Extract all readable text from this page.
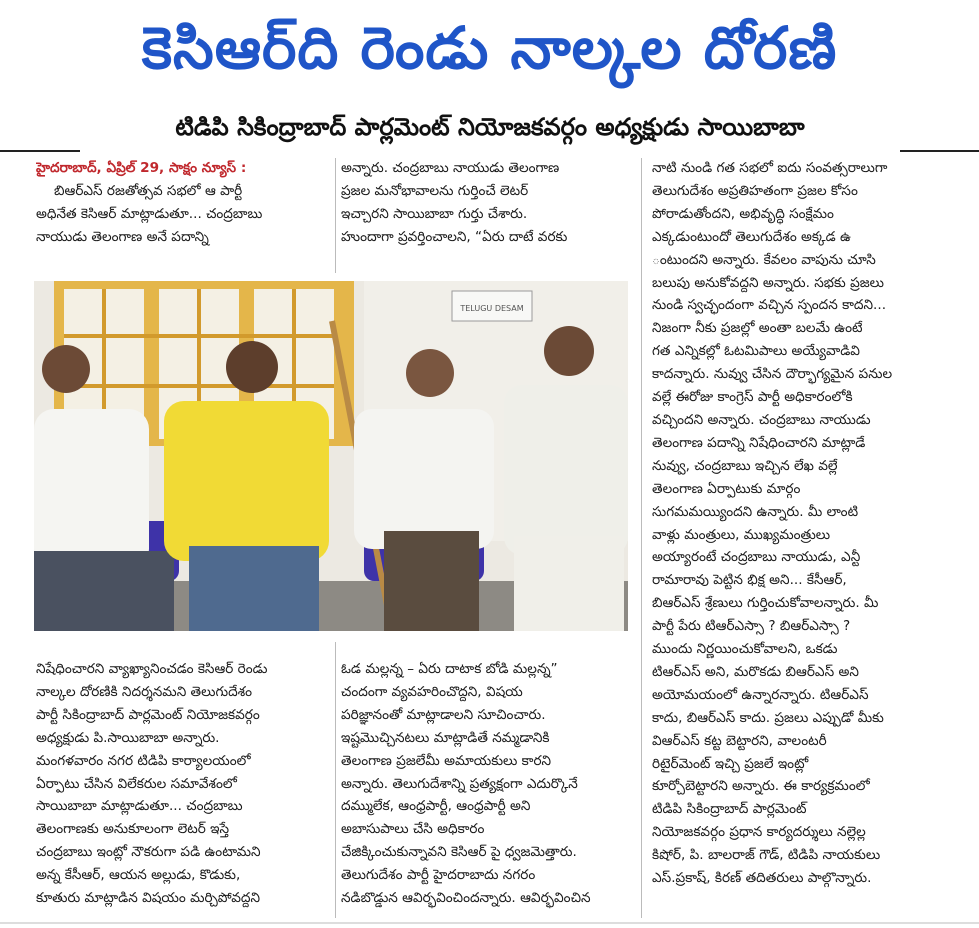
కెసిఆర్‌ది రెండు నాల్కల దోరణి
టిడిపి సికింద్రాబాద్‌ పార్లమెంట్‌ నియోజకవర్గం అధ్యక్షుడు సాయిబాబా

హైదరాబాద్‌, ఏప్రిల్‌ 29, సాక్షం న్యూస్‌ :

బిఆర్‌ఎస్‌ రజతోత్సవ సభలో ఆ పార్టీ

అధినేత కెసిఆర్‌ మాట్లాడుతూ... చంద్రబాబు

నాయుడు తెలంగాణ అనే పదాన్ని

అన్నారు. చంద్రబాబు నాయుడు తెలంగాణ

ప్రజల మనోభావాలను గుర్తించే లెటర్‌

ఇచ్చారని సాయిబాబా గుర్తు చేశారు.

హుందాగా ప్రవర్తించాలని, “ఏరు దాటే వరకు

నాటి నుండి గత సభలో ఐదు సంవత్సరాలుగా

తెలుగుదేశం అప్రతిహతంగా ప్రజల కోసం

పోరాడుతోందని, అభివృద్ధి సంక్షేమం

ఎక్కడుంటుందో తెలుగుదేశం అక్కడ ఉ

ంటుందని అన్నారు. కేవలం వాపును చూసి

బలుపు అనుకోవద్దని అన్నారు. సభకు ప్రజలు

నుండి స్వచ్ఛందంగా వచ్చిన స్పందన కాదని...

నిజంగా నీకు ప్రజల్లో అంతా బలమే ఉంటే

గత ఎన్నికల్లో ఓటమిపాలు అయ్యేవాడివి

కాదన్నారు. నువ్వు చేసిన దౌర్భాగ్యమైన పనుల

వల్లే ఈరోజు కాంగ్రెస్‌ పార్టీ అధికారంలోకి

వచ్చిందని అన్నారు. చంద్రబాబు నాయుడు

తెలంగాణ పదాన్ని నిషేధించారని మాట్లాడే

నువ్వు, చంద్రబాబు ఇచ్చిన లేఖ వల్లే

తెలంగాణ ఏర్పాటుకు మార్గం

సుగమమయ్యిందని ఉన్నారు. మీ లాంటి

వాళ్లు మంత్రులు, ముఖ్యమంత్రులు

అయ్యారంటే చంద్రబాబు నాయుడు, ఎన్టీ

రామారావు పెట్టిన భిక్ష అని... కేసీఆర్‌,

బిఆర్‌ఎస్‌ శ్రేణులు గుర్తించుకోవాలన్నారు. మీ

పార్టీ పేరు టిఆర్‌ఎస్సా ? బిఆర్‌ఎస్సా ?

ముందు నిర్ణయించుకోవాలని, ఒకడు

టిఆర్‌ఎస్‌ అని, మరొకడు బిఆర్‌ఎస్‌ అని

అయోమయంలో ఉన్నారన్నారు. టిఆర్‌ఎస్‌

కాదు, బిఆర్‌ఎస్‌ కాదు. ప్రజలు ఎప్పుడో మీకు

విఆర్‌ఎస్‌ కట్ట బెట్టారని, వాలంటరీ

రిటైర్‌మెంట్‌ ఇచ్చి ప్రజలే ఇంట్లో

కూర్చోబెట్టారని అన్నారు. ఈ కార్యక్రమంలో

టిడిపి సికింద్రాబాద్‌ పార్లమెంట్‌

నియోజకవర్గం ప్రధాన కార్యదర్శులు నల్లెల్ల

కిషోర్‌, పి. బాలరాజ్‌ గౌడ్‌, టిడిపి నాయకులు

ఎస్‌.ప్రకాష్‌, కిరణ్‌ తదితరులు పాల్గొన్నారు.

TELUGU DESAM

నిషేధించారని వ్యాఖ్యానించడం కెసిఆర్‌ రెండు

నాల్కల దోరణికి నిదర్శనమని తెలుగుదేశం

పార్టీ సికింద్రాబాద్‌ పార్లమెంట్‌ నియోజకవర్గం

అధ్యక్షుడు పి.సాయిబాబా అన్నారు.

మంగళవారం నగర టిడిపి కార్యాలయంలో

ఏర్పాటు చేసిన విలేకరుల సమావేశంలో

సాయిబాబా మాట్లాడుతూ... చంద్రబాబు

తెలంగాణకు అనుకూలంగా లెటర్‌ ఇస్తే

చంద్రబాబు ఇంట్లో నౌకరుగా పడి ఉంటామని

అన్న కేసీఆర్‌, ఆయన అల్లుడు, కొడుకు,

కూతురు మాట్లాడిన విషయం మర్చిపోవద్దని

ఓడ మల్లన్న – ఏరు దాటాక బోడి మల్లన్న”

చందంగా వ్యవహరించొద్దని, విషయ

పరిజ్ఞానంతో మాట్లాడాలని సూచించారు.

ఇష్టమొచ్చినటలు మాట్లాడితే నమ్మడానికి

తెలంగాణ ప్రజలేమీ అమాయకులు కారని

అన్నారు. తెలుగుదేశాన్ని ప్రత్యక్షంగా ఎదుర్కొనే

దమ్ములేక, ఆంధ్రపార్టీ, ఆంధ్రపార్టీ అని

అబాసుపాలు చేసి అధికారం

చేజిక్కించుకున్నావని కెసిఆర్‌ పై ధ్వజమెత్తారు.

తెలుగుదేశం పార్టీ హైదరాబాదు నగరం

నడిబొడ్డున ఆవిర్భవించిందన్నారు. ఆవిర్భవించిన
